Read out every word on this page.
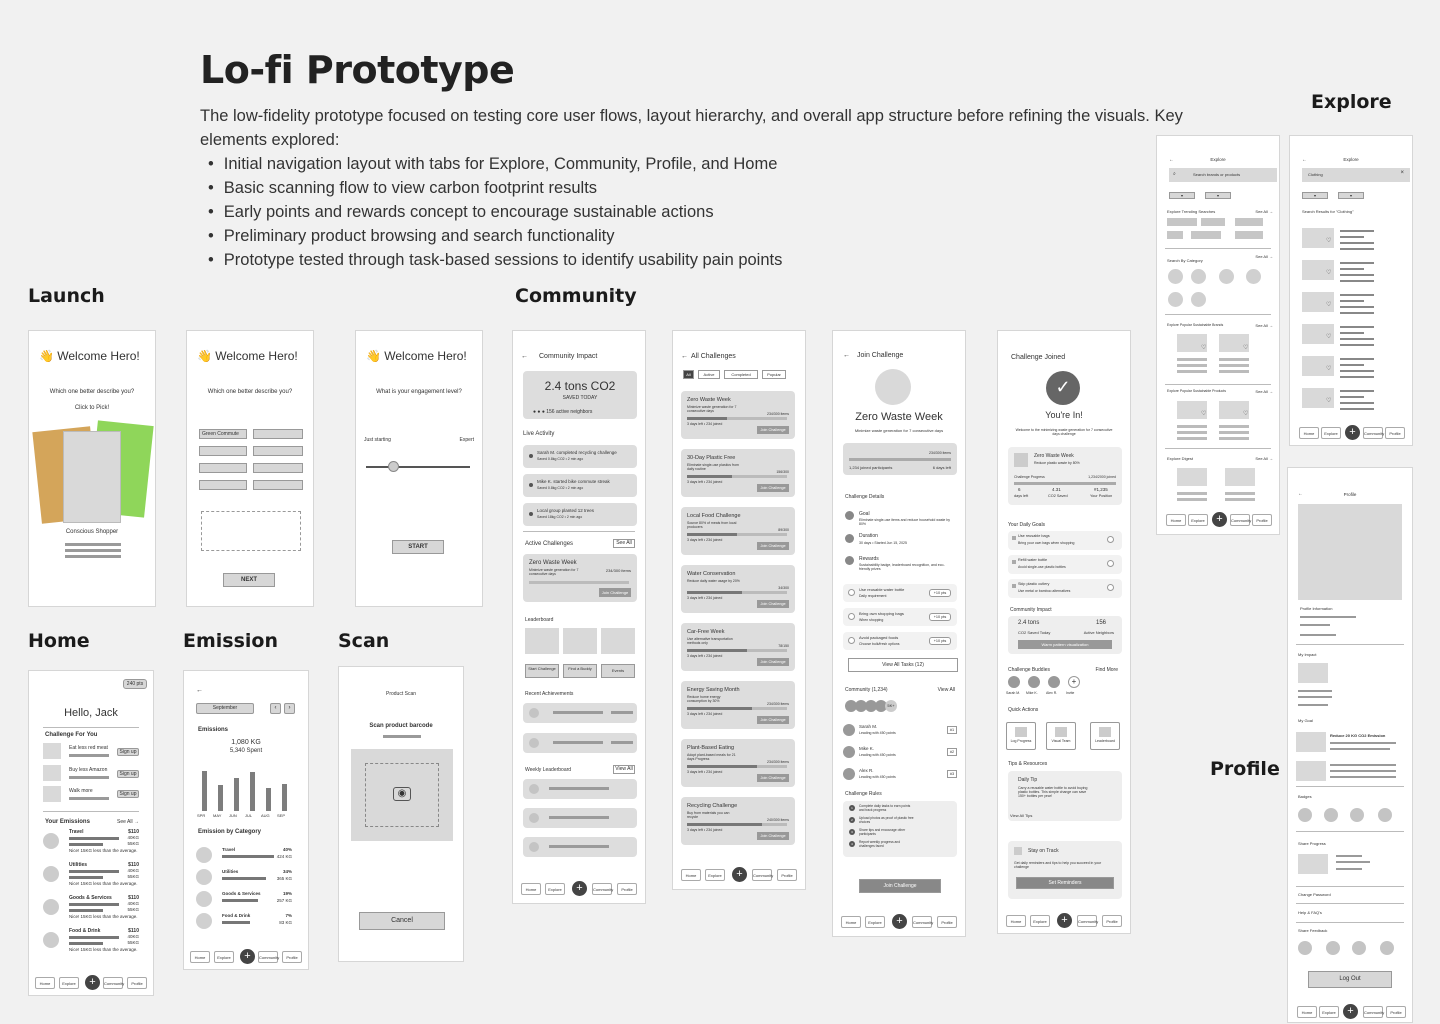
Lo-fi Prototype
The low-fidelity prototype focused on testing core user flows, layout hierarchy, and overall app structure before refining the visuals. Key elements explored:
• Initial navigation layout with tabs for Explore, Community, Profile, and Home
• Basic scanning flow to view carbon footprint results
• Early points and rewards concept to encourage sustainable actions
• Preliminary product browsing and search functionality
• Prototype tested through task-based sessions to identify usability pain points
Launch	Community
Explore
Home	Emission	Scan
Profile
👋 Welcome Hero!
Which one better describe you?
Click to Pick!
Conscious Shopper
👋 Welcome Hero!
Which one better describe you?
Green Commute
NEXT
👋 Welcome Hero!
What is your engagement level?
Just starting	Expert
START
240 pts
Hello, Jack
Challenge For You
Eat less red meat
Sign up
Buy less Amazon
Sign up
Walk more	Sign up
Your Emissions	See All →
Travel	$110
40KG
55KG
Nice! 15KG less than the average.
Utilities	$110
40KG
55KG
Nice! 15KG less than the average.
Goods & Services	$110
40KG
55KG
Nice! 15KG less than the average.
Food & Drink	$110
40KG
55KG
Nice! 15KG less than the average.
Home	Explore	+	Community	Profile
←
September	‹	›
Emissions
1,080 KG
5,340 Spent
SPR MAY JUN JUL AUG SEP
Emission by Category
Travel	40%
424 KG
Utilities	34%
365 KG
Goods & Services	19%
257 KG
Food & Drink	7%
83 KG
Home	Explore	+	Community	Profile
Product Scan
Scan product barcode
◉
Cancel
← Community Impact
2.4 tons CO2
SAVED TODAY
● ● ● 156 active neighbors
Live Activity
Sarah M. completed recycling challenge
Saved 0.8kg CO2 • 2 min ago
Mike K. started bike commute streak
Saved 0.8kg CO2 • 2 min ago
Local group planted 12 trees
Saved 18kg CO2 • 2 min ago
Active Challenges	See All
Zero Waste Week
Minimize waste generation for 7 consecutive days
234/300 items
Join Challenge
Leaderboard
Start Challenge	Find a Buddy	Events
Recent Achievements
Weekly Leaderboard	View All
Home	Explore	+	Community	Profile
← All Challenges
All	Active	Completed	Popular
Zero Waste Week
Minimize waste generation for 7 consecutive days
234/300 items
3 days left • 234 joined
Join Challenge
30-Day Plastic Free
Eliminate single-use plastics from daily routine
156/300
3 days left • 234 joined
Join Challenge
Local Food Challenge
Source 80% of meals from local producers
89/300
3 days left • 234 joined
Join Challenge
Water Conservation
Reduce daily water usage by 20%
34/300
3 days left • 234 joined
Join Challenge
Car-Free Week
Use alternative transportation methods only
78/150
3 days left • 234 joined
Join Challenge
Energy Saving Month
Reduce home energy consumption by 30%
234/300 items
3 days left • 234 joined
Join Challenge
Plant-Based Eating
Adopt plant-based meals for 21 days Progress
234/300 items
3 days left • 234 joined
Join Challenge
Recycling Challenge
Buy from materials you can recycle
240/300 items
3 days left • 234 joined
Join Challenge
Home	Explore	+	Community	Profile
← Join Challenge
Zero Waste Week
Minimize waste generation for 7 consecutive days
234/300 items
1,234 joined participants	6 days left
Challenge Details
Goal
Eliminate single-use items and reduce household waste by 80%
Duration
30 days • Started Jun 15, 2025
Rewards
Sustainability badge, leaderboard recognition, and eco-friendly prizes
Use reusable water bottle
Daily requirement
+10 pts
Bring own shopping bags
When shopping
+10 pts
Avoid packaged foods
Choose bulk/fresh options
+10 pts
View All Tasks (12)
Community (1,234)	View All
5K+
Sarah M.
Leading with 450 points
#1
Mike K.
Leading with 450 points
#2
Alex R.
Leading with 450 points
#3
Challenge Rules
1	Complete daily tasks to earn points and track progress
2	Upload photos as proof of plastic free choices
3	Share tips and encourage other participants
4	Report weekly progress and challenges faced
Join Challenge
Home	Explore	+	Community	Profile
Challenge Joined
✓
You're In!
Welcome to the minimizing waste generation for 7 consecutive days challenge
Zero Waste Week
Reduce plastic waste by 80%
Challenge Progress	1,234/2000 joined
6
days left
4.31
CO2 Saved
#1,235
Your Position
Your Daily Goals
Use reusable bags
Bring your own bags when shopping
Refill water bottle
Avoid single-use plastic bottles
Skip plastic cutlery
Use metal or bamboo alternatives
Community Impact
2.4 tons
CO2 Saved Today
156
Active Neighbors
Warm pattern visualization
Challenge Buddies	Find More
Sarah M. Mike K. Alex R.
+
Invite
Quick Actions
Log Progress	Visual Team	Leaderboard
Tips & Resources
Daily Tip
Carry a reusable water bottle to avoid buying plastic bottles. This simple change can save 150+ bottles per year!
View All Tips
Stay on Track
Get daily reminders and tips to help you succeed in your challenge
Set Reminders
Home	Explore	+	Community	Profile
←	Explore
⌕	Search brands or products
▾	▾
Explore Trending Searches	See All →
Search By Category
See All →
Explore Popular Sustainable Brands	See All →
♡	♡
Explore Popular Sustainable Products	See All →
♡	♡
Explore Digest	See All →
Home	Explore	+	Community	Profile
←	Explore
Clothing	×
▾	▾
Search Results for "Clothing"
♡
♡
♡
♡
♡
♡
Home	Explore	+	Community	Profile
←	Profile
Profile Information
My Impact
My Goal
Reduce 20 KG CO2 Emission
Badges
Share Progress
Change Password
Help & FAQ's
Share Feedback
Log Out
Home	Explore	+	Community	Profile
